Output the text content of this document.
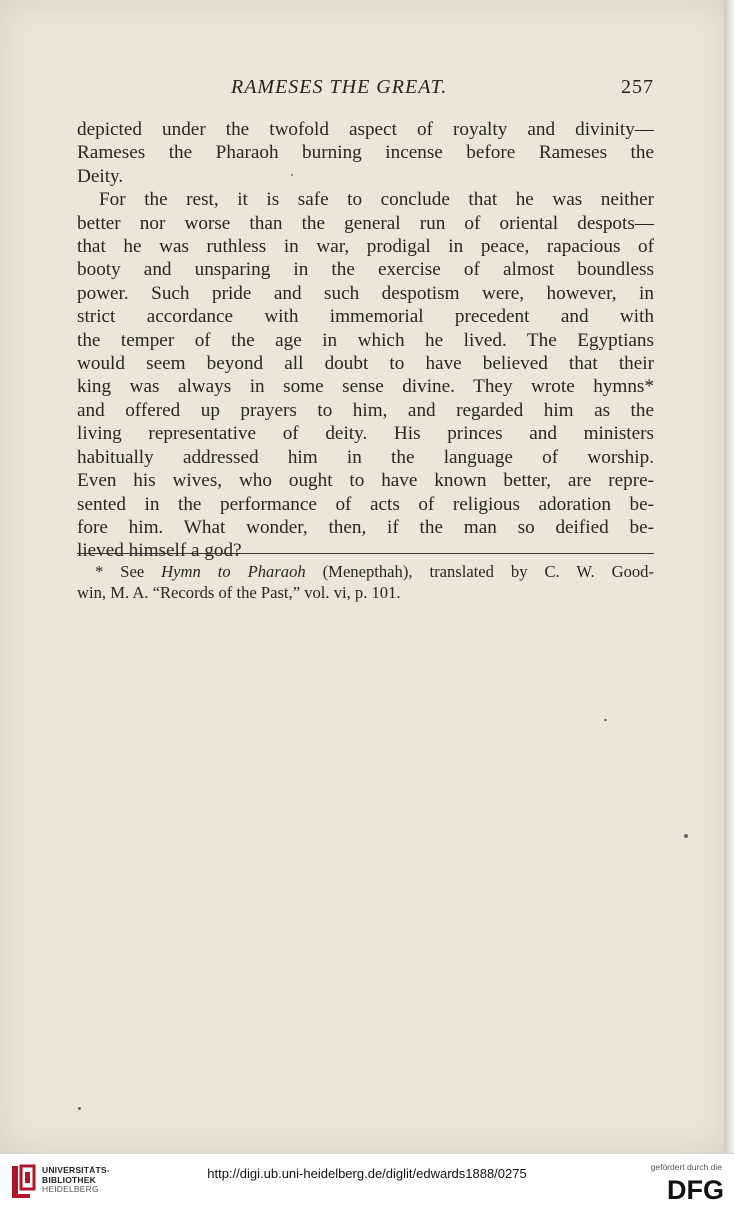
RAMESES THE GREAT.	257

depicted under the twofold aspect of royalty and divinity—

Rameses the Pharaoh burning incense before Rameses the

Deity.

For the rest, it is safe to conclude that he was neither

better nor worse than the general run of oriental despots—

that he was ruthless in war, prodigal in peace, rapacious of

booty and unsparing in the exercise of almost boundless

power. Such pride and such despotism were, however, in

strict accordance with immemorial precedent and with

the temper of the age in which he lived. The Egyptians

would seem beyond all doubt to have believed that their

king was always in some sense divine. They wrote hymns*

and offered up prayers to him, and regarded him as the

living representative of deity. His princes and ministers

habitually addressed him in the language of worship.

Even his wives, who ought to have known better, are repre-

sented in the performance of acts of religious adoration be-

fore him. What wonder, then, if the man so deified be-

lieved himself a god?

* See Hymn to Pharaoh (Menepthah), translated by C. W. Good-

win, M. A. “Records of the Past,” vol. vi, p. 101.

UNIVERSITÄTS-
BIBLIOTHEK
HEIDELBERG
http://digi.ub.uni-heidelberg.de/diglit/edwards1888/0275	gefördert durch die
DFG
